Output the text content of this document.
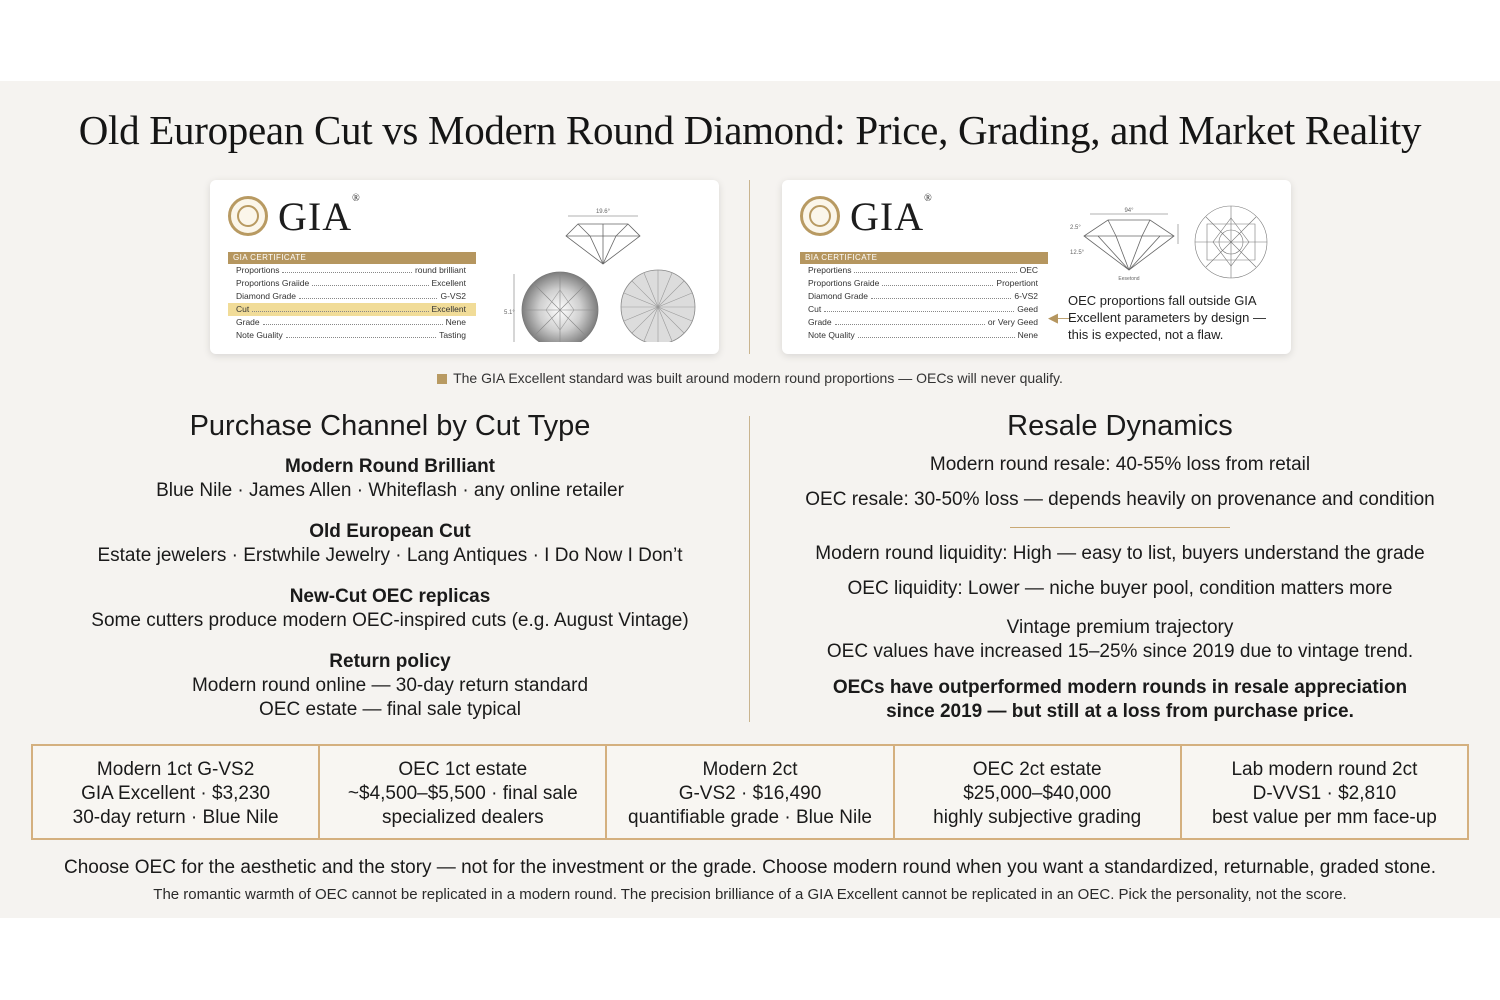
Old European Cut vs Modern Round Diamond: Price, Grading, and Market Reality
GIA®
GIA CERTIFICATE
Proportions	round brilliant
Proportions Graiide	Excellent
Diamond Grade	G-VS2
Cut	Excellent
Grade	Nene
Note Guality	Tasting
19.6°
5.1°
GIA®
BIA CERTIFICATE
Preportiens	OEC
Proportions Graide	Propertiont
Diamond Grade	6-VS2
Cut	Geed
Grade	or Very Geed
Note Quality	Nene
94°
2.5°
12.5°
Eesetond
◀—
OEC proportions fall outside GIA Excellent parameters by design — this is expected, not a flaw.
The GIA Excellent standard was built around modern round proportions — OECs will never qualify.
Purchase Channel by Cut Type
Modern Round Brilliant
Blue Nile · James Allen · Whiteflash · any online retailer
Old European Cut
Estate jewelers · Erstwhile Jewelry · Lang Antiques · I Do Now I Don’t
New-Cut OEC replicas
Some cutters produce modern OEC-inspired cuts (e.g. August Vintage)
Return policy
Modern round online — 30-day return standard
OEC estate — final sale typical
Resale Dynamics
Modern round resale: 40-55% loss from retail
OEC resale: 30-50% loss — depends heavily on provenance and condition
Modern round liquidity: High — easy to list, buyers understand the grade
OEC liquidity: Lower — niche buyer pool, condition matters more
Vintage premium trajectory
OEC values have increased 15–25% since 2019 due to vintage trend.
OECs have outperformed modern rounds in resale appreciation
since 2019 — but still at a loss from purchase price.
Modern 1ct G-VS2
GIA Excellent · $3,230
30-day return · Blue Nile
OEC 1ct estate
~$4,500–$5,500 · final sale
specialized dealers
Modern 2ct
G-VS2 · $16,490
quantifiable grade · Blue Nile
OEC 2ct estate
$25,000–$40,000
highly subjective grading
Lab modern round 2ct
D-VVS1 · $2,810
best value per mm face-up
Choose OEC for the aesthetic and the story — not for the investment or the grade. Choose modern round when you want a standardized, returnable, graded stone.
The romantic warmth of OEC cannot be replicated in a modern round. The precision brilliance of a GIA Excellent cannot be replicated in an OEC. Pick the personality, not the score.
